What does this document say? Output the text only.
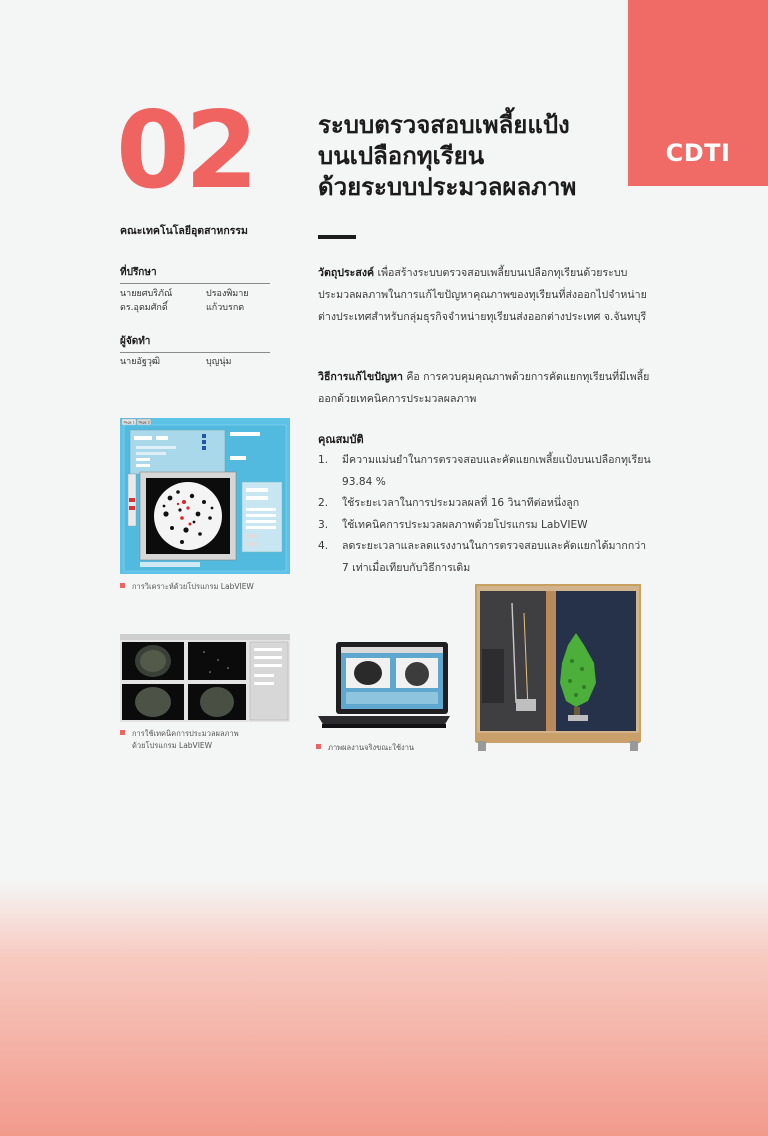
CDTI
02	ระบบตรวจสอบเพลี้ยแป้ง
บนเปลือกทุเรียน
ด้วยระบบประมวลผลภาพ
คณะเทคโนโลยีอุตสาหกรรม
ที่ปรึกษา
นายยศบริภัณ์	ปรองพิมาย
ดร.อุดมศักดิ์	แก้วบรกต
ผู้จัดทำ
นายอัฐวุฒิ	บุญนุ่ม

วัตถุประสงค์ เพื่อสร้างระบบตรวจสอบเพลี้ยบนเปลือกทุเรียนด้วยระบบประมวลผลภาพในการแก้ไขปัญหาคุณภาพของทุเรียนที่ส่งออกไปจำหน่ายต่างประเทศสำหรับกลุ่มธุรกิจจำหน่ายทุเรียนส่งออกต่างประเทศ จ.จันทบุรี

วิธีการแก้ไขปัญหา คือ การควบคุมคุณภาพด้วยการคัดแยกทุเรียนที่มีเพลี้ยออกด้วยเทคนิคการประมวลผลภาพ

คุณสมบัติ
1. มีความแม่นยำในการตรวจสอบและคัดแยกเพลี้ยแป้งบนเปลือกทุเรียน 93.84 %
2. ใช้ระยะเวลาในการประมวลผลที่ 16 วินาทีต่อหนึ่งลูก
3. ใช้เทคนิคการประมวลผลภาพด้วยโปรแกรม LabVIEW
4. ลดระยะเวลาและลดแรงงานในการตรวจสอบและคัดแยกได้มากกว่า 7 เท่าเมื่อเทียบกับวิธีการเดิม
Page 1 Page 2
การวิเคราะห์ด้วยโปรแกรม LabVIEW
การใช้เทคนิคการประมวลผลภาพ
ด้วยโปรแกรม LabVIEW	ภาพผลงานจริงขณะใช้งาน
